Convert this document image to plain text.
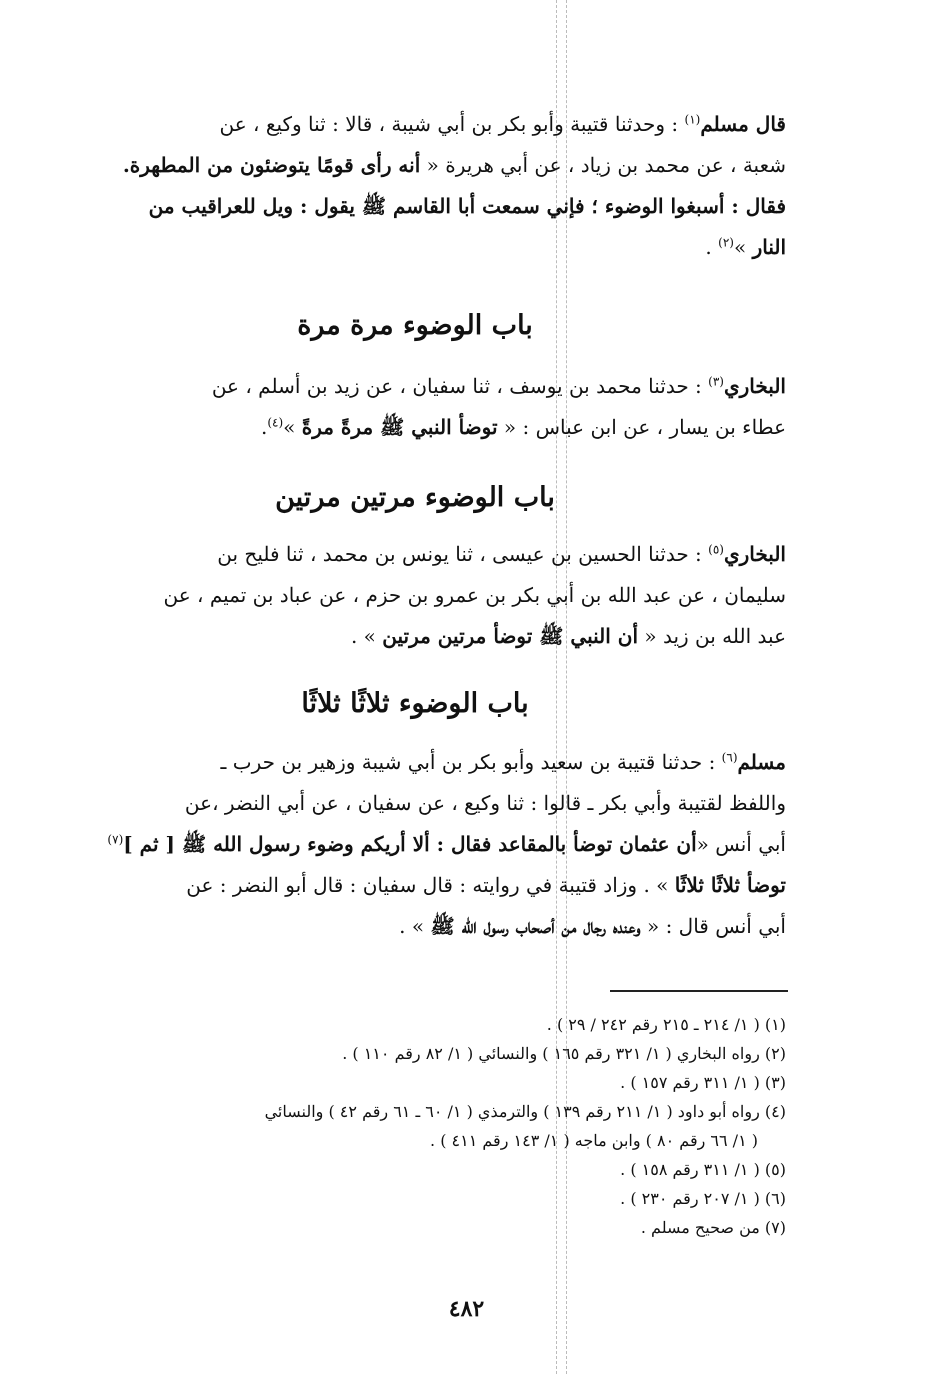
قال مسلم$^{(١)}$ : وحدثنا قتيبة وأبو بكر بن أبي شيبة ، قالا : ثنا وكيع ، عن
شعبة ، عن محمد بن زياد ، عن أبي هريرة « أنه رأى قومًا يتوضئون من المطهرة.
فقال : أسبغوا الوضوء ؛ فإني سمعت أبا القاسم ﷺ يقول : ويل للعراقيب من
النار »$^{(٢)}$ .
باب الوضوء مرة مرة
البخاري$^{(٣)}$ : حدثنا محمد بن يوسف ، ثنا سفيان ، عن زيد بن أسلم ، عن
عطاء بن يسار ، عن ابن عباس : « توضأ النبي ﷺ مرةً مرةً »$^{(٤)}$.
باب الوضوء مرتين مرتين
البخاري$^{(٥)}$ : حدثنا الحسين بن عيسى ، ثنا يونس بن محمد ، ثنا فليح بن
سليمان ، عن عبد الله بن أبي بكر بن عمرو بن حزم ، عن عباد بن تميم ، عن
عبد الله بن زيد « أن النبي ﷺ توضأ مرتين مرتين » .
باب الوضوء ثلاثًا ثلاثًا
مسلم$^{(٦)}$ : حدثنا قتيبة بن سعيد وأبو بكر بن أبي شيبة وزهير بن حرب ـ
واللفظ لقتيبة وأبي بكر ـ قالوا : ثنا وكيع ، عن سفيان ، عن أبي النضر ،عن
أبي أنس «أن عثمان توضأ بالمقاعد فقال : ألا أريكم وضوء رسول الله ﷺ [ ثم ]$^{(٧)}$
توضأ ثلاثًا ثلاثًا » . وزاد قتيبة في روايته : قال سفيان : قال أبو النضر : عن
أبي أنس قال : « وعنده رجال من أصحاب رسول الله ﷺ » .
(١) ( ١/ ٢١٤ ـ ٢١٥ رقم ٢٤٢ / ٢٩ ) .
(٢) رواه البخاري ( ١/ ٣٢١ رقم ١٦٥ ) والنسائي ( ١/ ٨٢ رقم ١١٠ ) .
(٣) ( ١/ ٣١١ رقم ١٥٧ ) .
(٤) رواه أبو داود ( ١/ ٢١١ رقم ١٣٩ ) والترمذي ( ١/ ٦٠ ـ ٦١ رقم ٤٢ ) والنسائي
( ١/ ٦٦ رقم ٨٠ ) وابن ماجه ( ١/ ١٤٣ رقم ٤١١ ) .
(٥) ( ١/ ٣١١ رقم ١٥٨ ) .
(٦) ( ١/ ٢٠٧ رقم ٢٣٠ ) .
(٧) من صحيح مسلم .
٤٨٢
